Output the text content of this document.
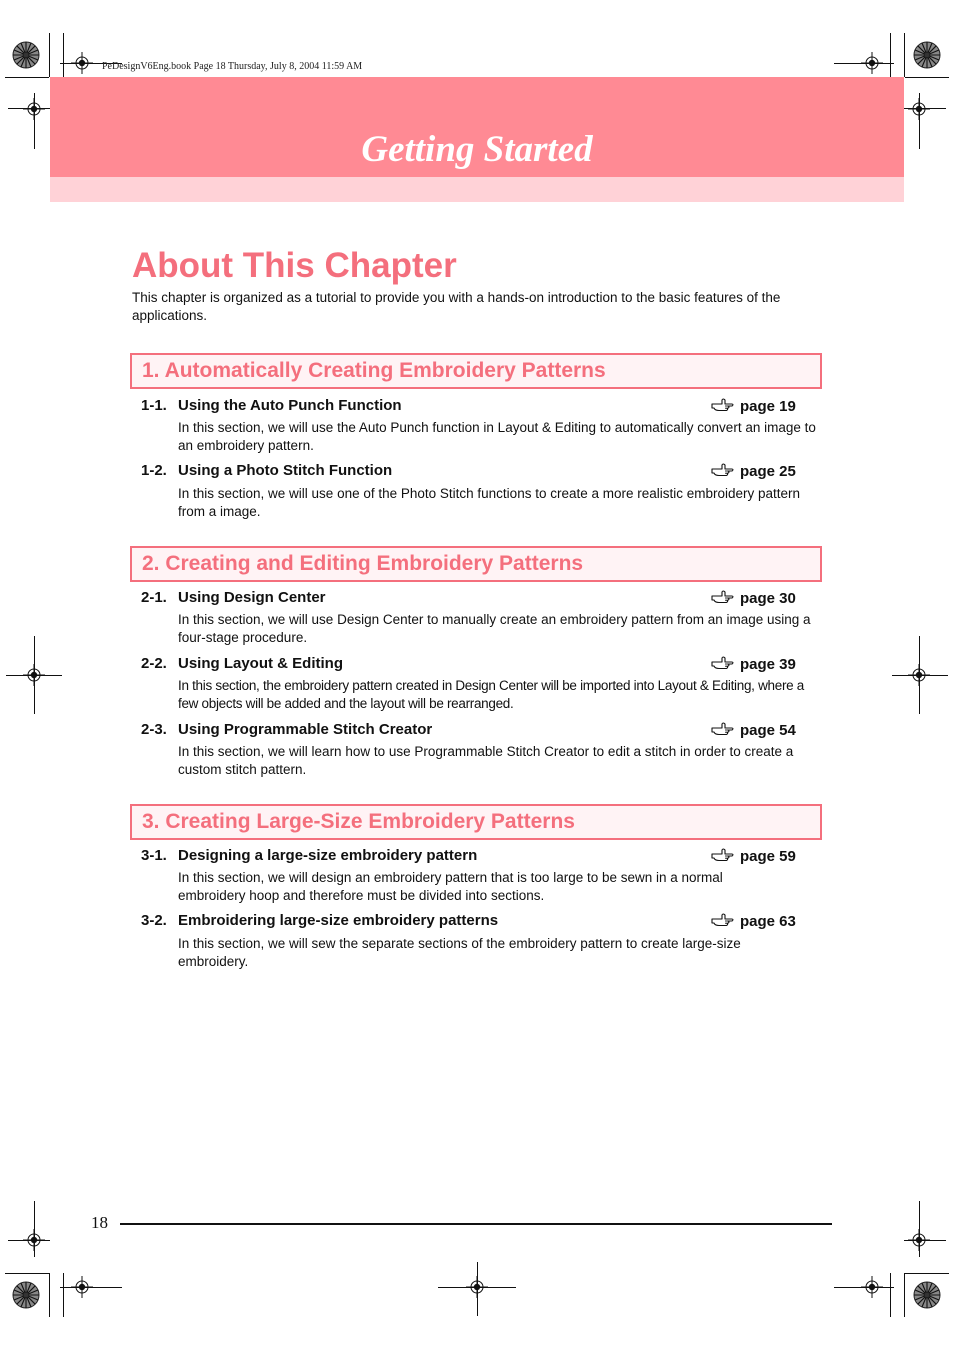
PeDesignV6Eng.book Page 18 Thursday, July 8, 2004 11:59 AM
Getting Started
About This Chapter
This chapter is organized as a tutorial to provide you with a hands-on introduction to the basic features of the applications.
1. Automatically Creating Embroidery Patterns
1-1. Using the Auto Punch Function	page 19
In this section, we will use the Auto Punch function in Layout & Editing to automatically convert an image to an embroidery pattern.
1-2. Using a Photo Stitch Function	page 25
In this section, we will use one of the Photo Stitch functions to create a more realistic embroidery pattern from a image.
2. Creating and Editing Embroidery Patterns
2-1. Using Design Center	page 30
In this section, we will use Design Center to manually create an embroidery pattern from an image using a four-stage procedure.
2-2. Using Layout & Editing	page 39
In this section, the embroidery pattern created in Design Center will be imported into Layout & Editing, where a few objects will be added and the layout will be rearranged.
2-3. Using Programmable Stitch Creator	page 54
In this section, we will learn how to use Programmable Stitch Creator to edit a stitch in order to create a custom stitch pattern.
3. Creating Large-Size Embroidery Patterns
3-1. Designing a large-size embroidery pattern	page 59
In this section, we will design an embroidery pattern that is too large to be sewn in a normal embroidery hoop and therefore must be divided into sections.
3-2. Embroidering large-size embroidery patterns	page 63
In this section, we will sew the separate sections of the embroidery pattern to create large-size embroidery.
18
